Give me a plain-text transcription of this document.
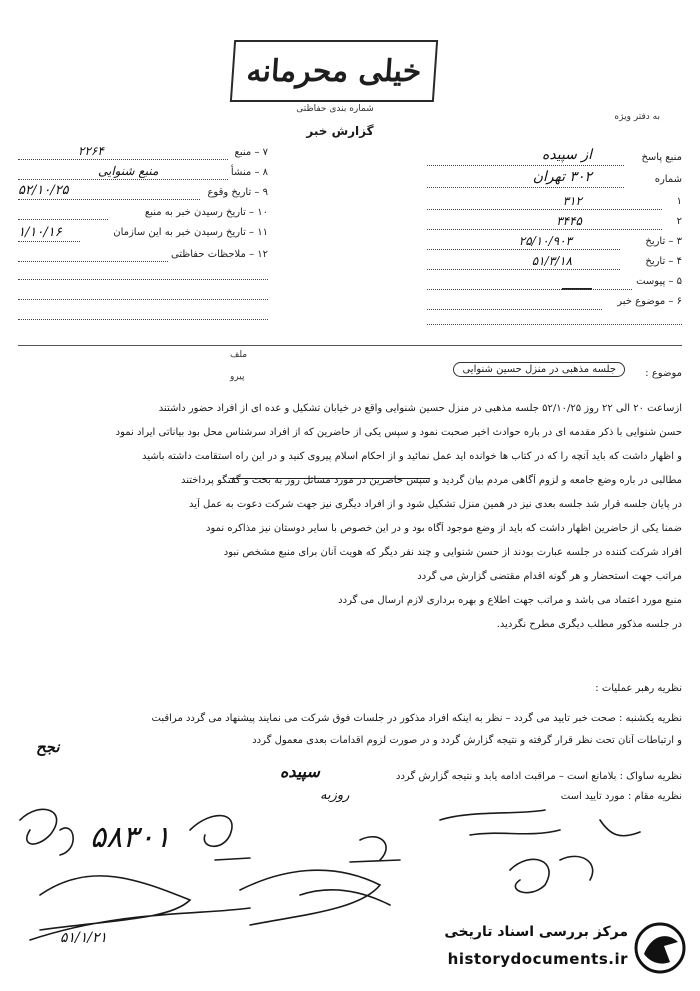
به دفتر ویژه
خیلی محرمانه
شماره بندی حفاظتی
گزارش خبر
منبع پاسخ
از سپیده
شماره
۳۰۲ تهران
۱
۳۱۲
۲
۳۴۴۵
۳ – تاریخ
۲۵/۱۰/۹۰۳
۴ – تاریخ
۵۱/۳/۱۸
۵ – پیوست
۶ – موضوع خبر
۷ – منبع
۲۲۶۴
۸ – منشأ
منبع شنوایی
۹ – تاریخ وقوع
۵۲/۱۰/۲۵
۱۰ – تاریخ رسیدن خبر به منبع
۱۱ – تاریخ رسیدن خبر به این سازمان
۱/۱۰/۱۶
۱۲ – ملاحظات حفاظتی
ملف
پیرو	موضوع :
جلسه مذهبی در منزل حسین شنوایی
ازساعت ۲۰ الی ۲۲ روز ۵۲/۱۰/۲۵ جلسه مذهبی در منزل حسین شنوایی واقع در خیابان تشکیل و عده ای از افراد حضور داشتند
حسن شنوایی با ذکر مقدمه ای در باره حوادث اخیر صحبت نمود و سپس یکی از حاضرین که از افراد سرشناس محل بود بیاناتی ایراد نمود
و اظهار داشت که باید آنچه را که در کتاب ها خوانده اید عمل نمائید و از احکام اسلام پیروی کنید و در این راه استقامت داشته باشید
مطالبی در باره وضع جامعه و لزوم آگاهی مردم بیان گردید و سپس حاضرین در مورد مسائل روز به بحث و گفتگو پرداختند
در پایان جلسه قرار شد جلسه بعدی نیز در همین منزل تشکیل شود و از افراد دیگری نیز جهت شرکت دعوت به عمل آید
ضمنا یکی از حاضرین اظهار داشت که باید از وضع موجود آگاه بود و در این خصوص با سایر دوستان نیز مذاکره نمود
افراد شرکت کننده در جلسه عبارت بودند از حسن شنوایی و چند نفر دیگر که هویت آنان برای منبع مشخص نبود
مراتب جهت استحضار و هر گونه اقدام مقتضی گزارش می گردد
منبع مورد اعتماد می باشد و مراتب جهت اطلاع و بهره برداری لازم ارسال می گردد
در جلسه مذکور مطلب دیگری مطرح نگردید.
نظریه رهبر عملیات :
نظریه یکشنبه : صحت خبر تایید می گردد – نظر به اینکه افراد مذکور در جلسات فوق شرکت می نمایند پیشنهاد می گردد مراقبت
و ارتباطات آنان تحت نظر قرار گرفته و نتیجه گزارش گردد و در صورت لزوم اقدامات بعدی معمول گردد
نظریه ساواک : بلامانع است – مراقبت ادامه یابد و نتیجه گزارش گردد
نظریه مقام : مورد تایید است
نجح
سپیده
روزبه
۵۸۳۰۱
۵۱/۱/۲۱	مرکز بررسی اسناد تاریخی
historydocuments.ir
